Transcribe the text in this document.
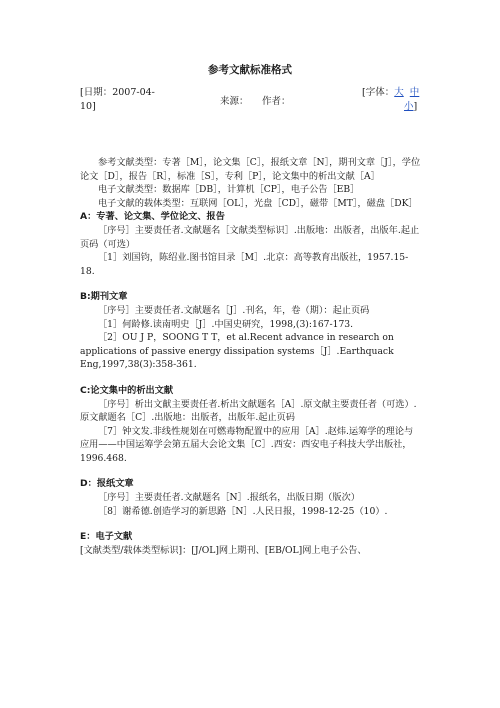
参考文献标准格式
[日期：2007-04-
10]	来源： 作者：
[字体：大 中
小]

参考文献类型：专著［M］，论文集［C］，报纸文章［N］，期刊文章［J］，学位论文［D］，报告［R］，标准［S］，专利［P］，论文集中的析出文献［A］

电子文献类型：数据库［DB］，计算机［CP］，电子公告［EB］

电子文献的载体类型：互联网［OL］，光盘［CD］，磁带［MT］，磁盘［DK］

A：专著、论文集、学位论文、报告

［序号］主要责任者.文献题名［文献类型标识］.出版地：出版者，出版年.起止页码（可选）

［1］刘国钧，陈绍业.图书馆目录［M］.北京：高等教育出版社，1957.15-18.

B:期刊文章

［序号］主要责任者.文献题名［J］.刊名，年，卷（期）：起止页码

［1］何龄修.读南明史［J］.中国史研究，1998,(3):167-173.

［2］OU J P，SOONG T T，et al.Recent advance in research on applications of passive energy dissipation systems［J］.Earthquack Eng,1997,38(3):358-361.

C:论文集中的析出文献

［序号］析出文献主要责任者.析出文献题名［A］.原文献主要责任者（可选）.原文献题名［C］.出版地：出版者，出版年.起止页码

［7］钟文发.非线性规划在可燃毒物配置中的应用［A］.赵炜.运筹学的理论与应用——中国运筹学会第五届大会论文集［C］.西安：西安电子科技大学出版社，1996.468.

D：报纸文章

［序号］主要责任者.文献题名［N］.报纸名，出版日期（版次）

［8］谢希德.创造学习的新思路［N］.人民日报，1998-12-25（10）.

E：电子文献

[文献类型/载体类型标识]：[J/OL]网上期刊、[EB/OL]网上电子公告、
